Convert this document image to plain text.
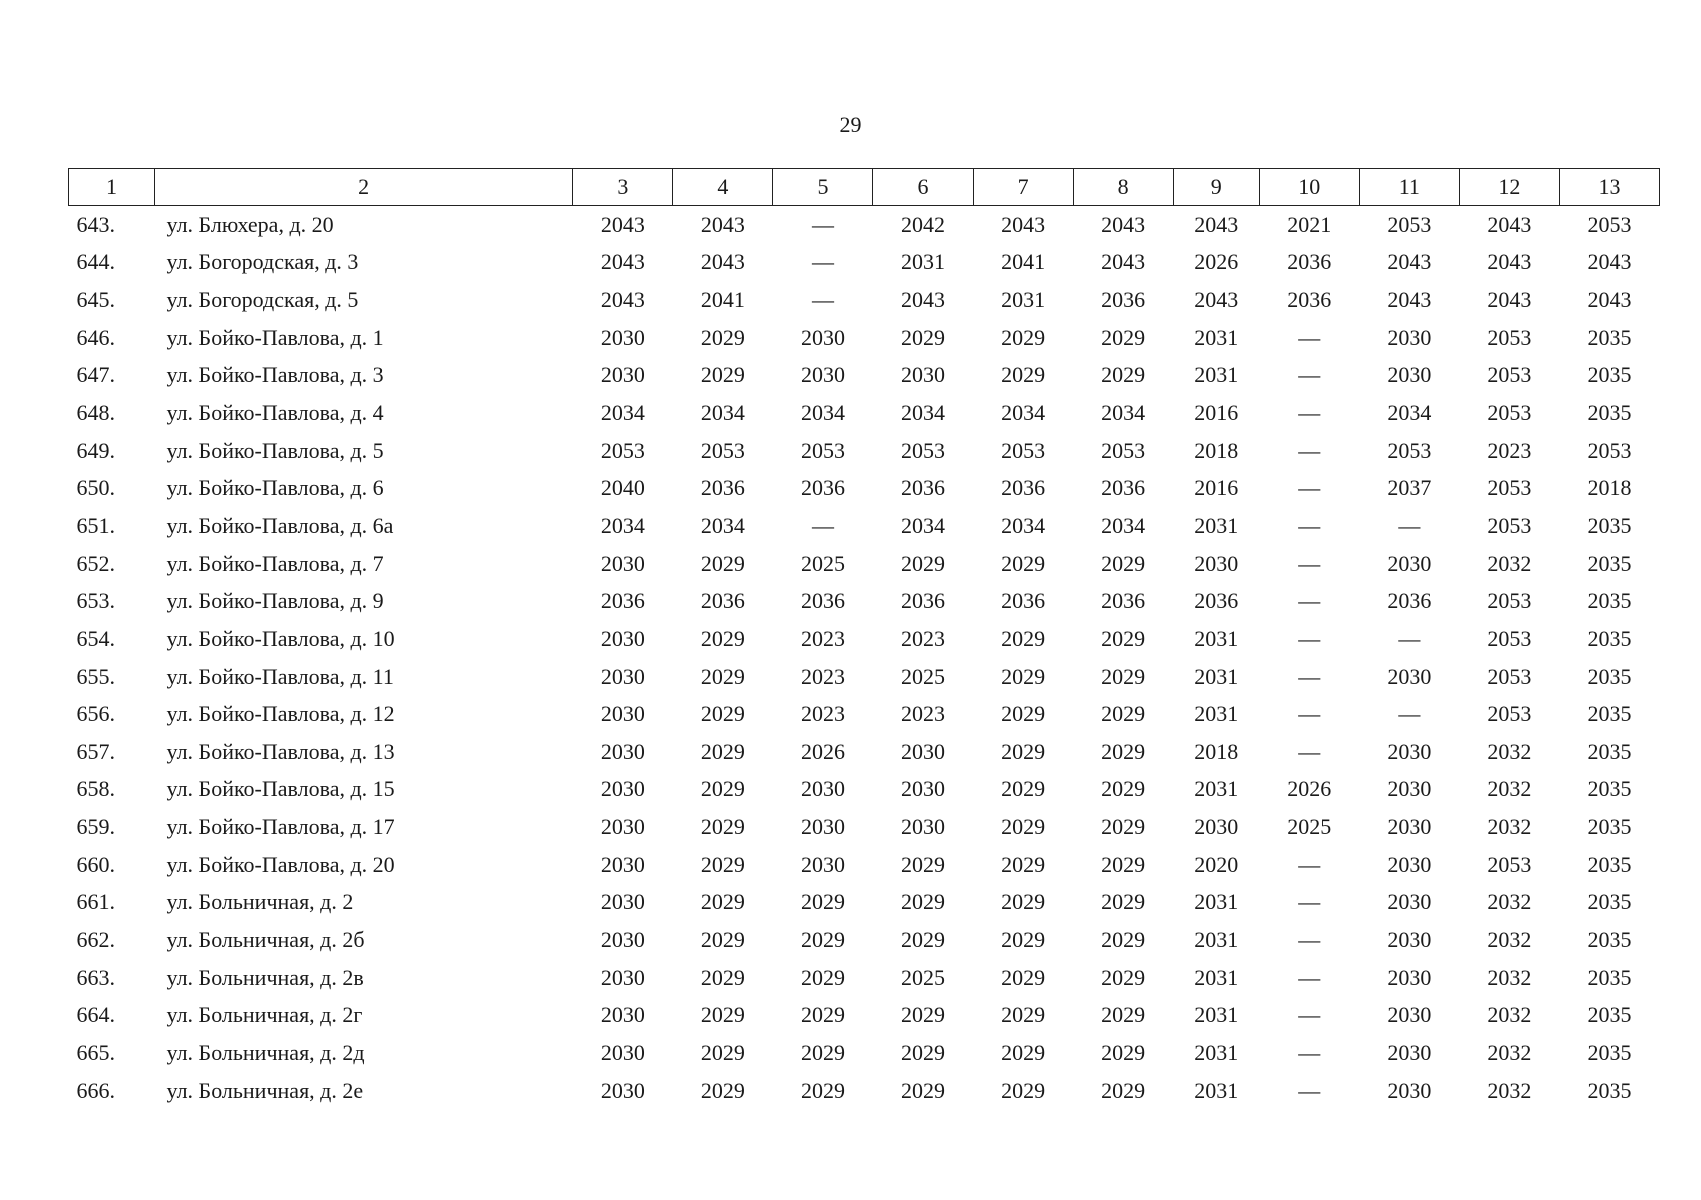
29
1	2	3	4	5	6	7	8	9	10	11	12	13
643.	ул. Блюхера, д. 20	2043	2043	—	2042	2043	2043	2043	2021	2053	2043	2053
644.	ул. Богородская, д. 3	2043	2043	—	2031	2041	2043	2026	2036	2043	2043	2043
645.	ул. Богородская, д. 5	2043	2041	—	2043	2031	2036	2043	2036	2043	2043	2043
646.	ул. Бойко-Павлова, д. 1	2030	2029	2030	2029	2029	2029	2031	—	2030	2053	2035
647.	ул. Бойко-Павлова, д. 3	2030	2029	2030	2030	2029	2029	2031	—	2030	2053	2035
648.	ул. Бойко-Павлова, д. 4	2034	2034	2034	2034	2034	2034	2016	—	2034	2053	2035
649.	ул. Бойко-Павлова, д. 5	2053	2053	2053	2053	2053	2053	2018	—	2053	2023	2053
650.	ул. Бойко-Павлова, д. 6	2040	2036	2036	2036	2036	2036	2016	—	2037	2053	2018
651.	ул. Бойко-Павлова, д. 6а	2034	2034	—	2034	2034	2034	2031	—	—	2053	2035
652.	ул. Бойко-Павлова, д. 7	2030	2029	2025	2029	2029	2029	2030	—	2030	2032	2035
653.	ул. Бойко-Павлова, д. 9	2036	2036	2036	2036	2036	2036	2036	—	2036	2053	2035
654.	ул. Бойко-Павлова, д. 10	2030	2029	2023	2023	2029	2029	2031	—	—	2053	2035
655.	ул. Бойко-Павлова, д. 11	2030	2029	2023	2025	2029	2029	2031	—	2030	2053	2035
656.	ул. Бойко-Павлова, д. 12	2030	2029	2023	2023	2029	2029	2031	—	—	2053	2035
657.	ул. Бойко-Павлова, д. 13	2030	2029	2026	2030	2029	2029	2018	—	2030	2032	2035
658.	ул. Бойко-Павлова, д. 15	2030	2029	2030	2030	2029	2029	2031	2026	2030	2032	2035
659.	ул. Бойко-Павлова, д. 17	2030	2029	2030	2030	2029	2029	2030	2025	2030	2032	2035
660.	ул. Бойко-Павлова, д. 20	2030	2029	2030	2029	2029	2029	2020	—	2030	2053	2035
661.	ул. Больничная, д. 2	2030	2029	2029	2029	2029	2029	2031	—	2030	2032	2035
662.	ул. Больничная, д. 2б	2030	2029	2029	2029	2029	2029	2031	—	2030	2032	2035
663.	ул. Больничная, д. 2в	2030	2029	2029	2025	2029	2029	2031	—	2030	2032	2035
664.	ул. Больничная, д. 2г	2030	2029	2029	2029	2029	2029	2031	—	2030	2032	2035
665.	ул. Больничная, д. 2д	2030	2029	2029	2029	2029	2029	2031	—	2030	2032	2035
666.	ул. Больничная, д. 2е	2030	2029	2029	2029	2029	2029	2031	—	2030	2032	2035
